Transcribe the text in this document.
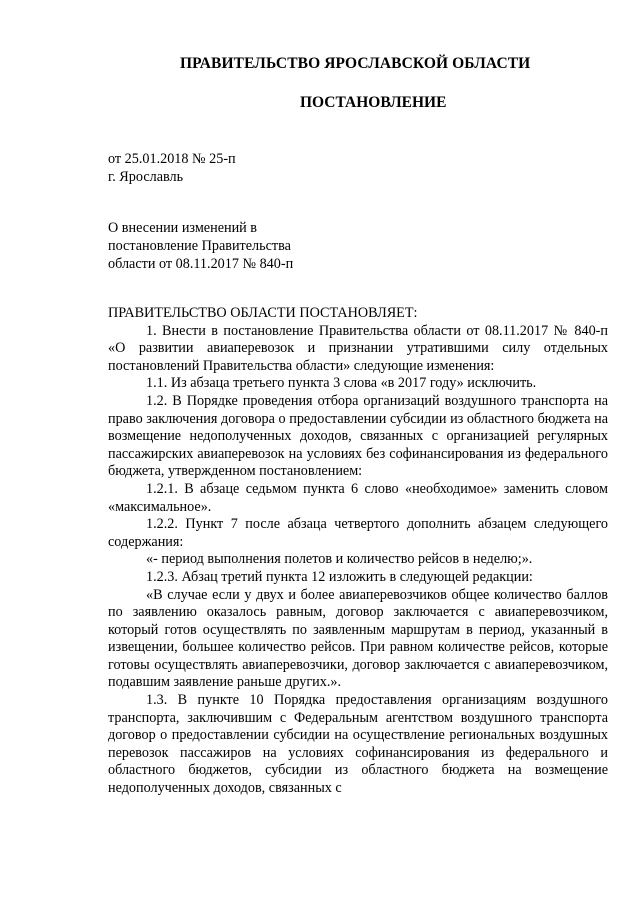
ПРАВИТЕЛЬСТВО ЯРОСЛАВСКОЙ ОБЛАСТИ
ПОСТАНОВЛЕНИЕ
от 25.01.2018 № 25-п
г. Ярославль
О внесении изменений в
постановление Правительства
области от 08.11.2017 № 840-п
ПРАВИТЕЛЬСТВО ОБЛАСТИ ПОСТАНОВЛЯЕТ:

1. Внести в постановление Правительства области от 08.11.2017 № 840-п «О развитии авиаперевозок и признании утратившими силу отдельных постановлений Правительства области» следующие изменения:

1.1. Из абзаца третьего пункта 3 слова «в 2017 году» исключить.

1.2. В Порядке проведения отбора организаций воздушного транспорта на право заключения договора о предоставлении субсидии из областного бюджета на возмещение недополученных доходов, связанных с организацией регулярных пассажирских авиаперевозок на условиях без софинансирования из федерального бюджета, утвержденном постановлением:

1.2.1. В абзаце седьмом пункта 6 слово «необходимое» заменить словом «максимальное».

1.2.2. Пункт 7 после абзаца четвертого дополнить абзацем следующего содержания:

«- период выполнения полетов и количество рейсов в неделю;».

1.2.3. Абзац третий пункта 12 изложить в следующей редакции:

«В случае если у двух и более авиаперевозчиков общее количество баллов по заявлению оказалось равным, договор заключается с авиаперевозчиком, который готов осуществлять по заявленным маршрутам в период, указанный в извещении, большее количество рейсов. При равном количестве рейсов, которые готовы осуществлять авиаперевозчики, договор заключается с авиаперевозчиком, подавшим заявление раньше других.».

1.3. В пункте 10 Порядка предоставления организациям воздушного транспорта, заключившим с Федеральным агентством воздушного транспорта договор о предоставлении субсидии на осуществление региональных воздушных перевозок пассажиров на условиях софинансирования из федерального и областного бюджетов, субсидии из областного бюджета на возмещение недополученных доходов, связанных с
